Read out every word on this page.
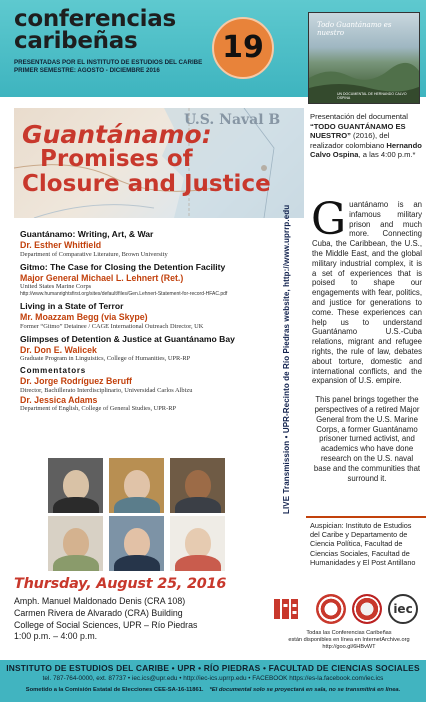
conferencias
caribeñas	19
PRESENTADAS POR EL INSTITUTO DE ESTUDIOS DEL CARIBE
PRIMER SEMESTRE: AGOSTO - DICIEMBRE 2016
Todo Guantánamo es nuestro
UN DOCUMENTAL DE HERNANDO CALVO OSPINA
Presentación del documental “TODO GUANTÁNAMO ES NUESTRO” (2016), del realizador colombiano Hernando Calvo Ospina, a las 4:00 p.m.*
U.S. Naval B
Guantánamo:
Promises of
Closure and Justice
Guantánamo: Writing, Art, & War
Dr. Esther Whitfield
Department of Comparative Literature, Brown University
Gitmo: The Case for Closing the Detention Facility
Major General Michael L. Lehnert (Ret.)
United States Marine Corps
http://www.humanrightsfirst.org/sites/default/files/Gen.Lehnert-Statement-for-record-HFAC.pdf
Living in a State of Terror
Mr. Moazzam Begg (via Skype)
Former “Gitmo” Detainee / CAGE International Outreach Director, UK
Glimpses of Detention & Justice at Guantánamo Bay
Dr. Don E. Walicek
Graduate Program in Linguistics, College of Humanities, UPR-RP
Commentators
Dr. Jorge Rodríguez Beruff
Director, Bachillerato Interdisciplinario, Universidad Carlos Albizu
Dr. Jessica Adams
Department of English, College of General Studies, UPR-RP	LIVE Transmission • UPR-Recinto de Río Piedras website, http://www.uprrp.edu Guantánamo is an infamous military prison and much more. Connecting Cuba, the Caribbean, the U.S., the Middle East, and the global military industrial complex, it is a set of experiences that is poised to shape our engagements with fear, politics, and justice for generations to come. These experiences can help us to understand Guantánamo U.S.-Cuba relations, migrant and refugee rights, the rule of law, debates about torture, domestic and international conflicts, and the expansion of U.S. empire.

This panel brings together the perspectives of a retired Major General from the U.S. Marine Corps, a former Guantánamo prisoner turned activist, and academics who have done research on the U.S. naval base and the communities that surround it.

Auspician: Instituto de Estudios del Caribe y Departamento de Ciencia Política, Facultad de Ciencias Sociales, Facultad de Humanidades y El Post Antillano
Thursday, August 25, 2016
Amph. Manuel Maldonado Denis (CRA 108)
Carmen Rivera de Alvarado (CRA) Building
College of Social Sciences, UPR – Río Piedras
1:00 p.m. – 4:00 p.m.
iec
Todas las Conferencias Caribeñas
están disponibles en línea en InternetArchive.org
http://goo.gl/6HBvWT
INSTITUTO DE ESTUDIOS DEL CARIBE • UPR • RÍO PIEDRAS • FACULTAD DE CIENCIAS SOCIALES
tel. 787-764-0000, ext. 87737 • iec.ics@upr.edu • http://iec-ics.uprrp.edu • FACEBOOK https://es-la.facebook.com/iec.ics
Sometido a la Comisión Estatal de Elecciones CEE-SA-16-11861. *El documental solo se proyectará en sala, no se transmitirá en línea.
